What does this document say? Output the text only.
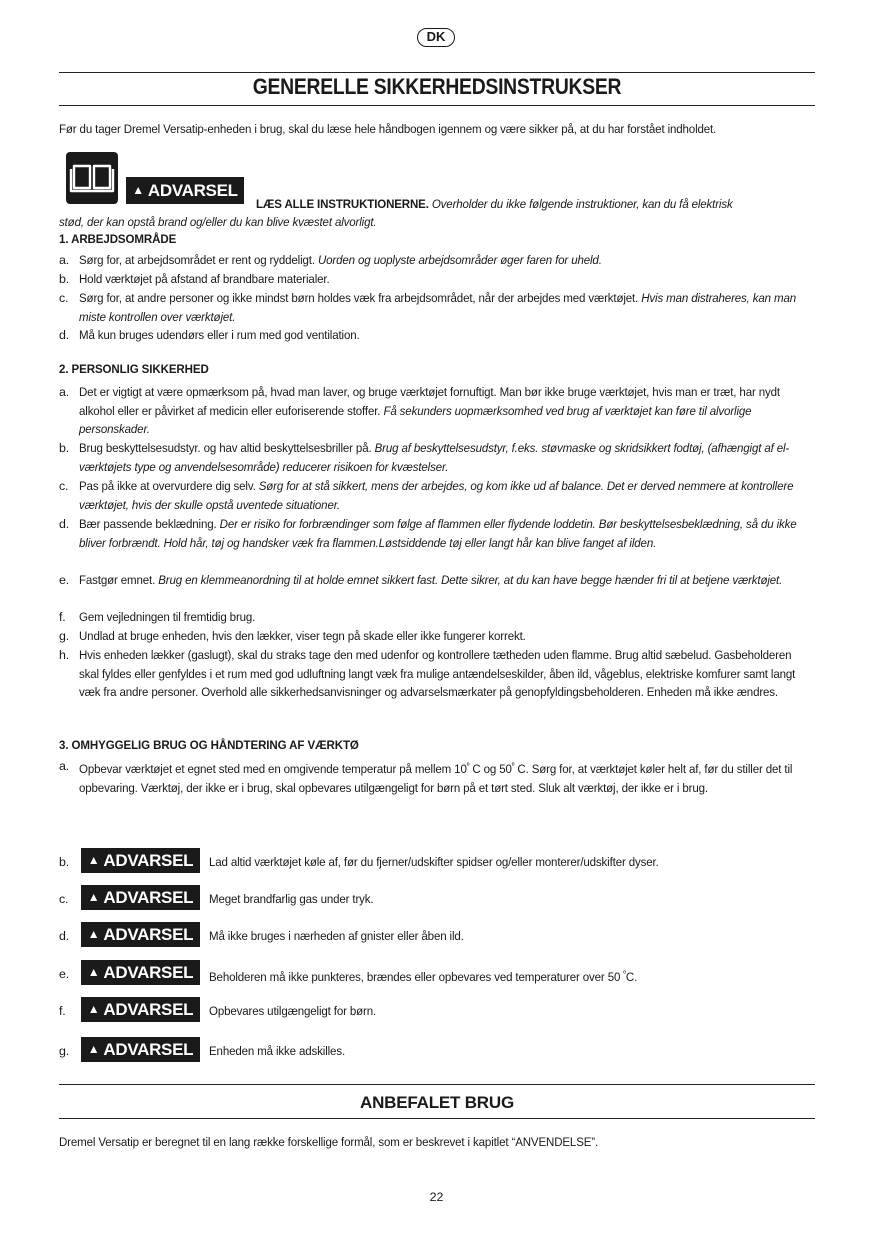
DK
GENERELLE SIKKERHEDSINSTRUKSER
Før du tager Dremel Versatip-enheden i brug, skal du læse hele håndbogen igennem og være sikker på, at du har forstået indholdet.
▲ ADVARSEL
LÆS ALLE INSTRUKTIONERNE. Overholder du ikke følgende instruktioner, kan du få elektrisk
stød, der kan opstå brand og/eller du kan blive kvæstet alvorligt.
1. ARBEJDSOMRÅDE
a. Sørg for, at arbejdsområdet er rent og ryddeligt. Uorden og uoplyste arbejdsområder øger faren for uheld.
b. Hold værktøjet på afstand af brandbare materialer.
c. Sørg for, at andre personer og ikke mindst børn holdes væk fra arbejdsområdet, når der arbejdes med værktøjet. Hvis man distraheres, kan man miste kontrollen over værktøjet.
d. Må kun bruges udendørs eller i rum med god ventilation.
2. PERSONLIG SIKKERHED
a. Det er vigtigt at være opmærksom på, hvad man laver, og bruge værktøjet fornuftigt. Man bør ikke bruge værktøjet, hvis man er træt, har nydt alkohol eller er påvirket af medicin eller euforiserende stoffer. Få sekunders uopmærksomhed ved brug af værktøjet kan føre til alvorlige personskader.
b. Brug beskyttelsesudstyr. og hav altid beskyttelsesbriller på. Brug af beskyttelsesudstyr, f.eks. støvmaske og skridsikkert fodtøj, (afhængigt af el-værktøjets type og anvendelsesområde) reducerer risikoen for kvæstelser.
c. Pas på ikke at overvurdere dig selv. Sørg for at stå sikkert, mens der arbejdes, og kom ikke ud af balance. Det er derved nemmere at kontrollere værktøjet, hvis der skulle opstå uventede situationer.
d. Bær passende beklædning. Der er risiko for forbrændinger som følge af flammen eller flydende loddetin. Bør beskyttelsesbeklædning, så du ikke bliver forbrændt. Hold hår, tøj og handsker væk fra flammen.Løstsiddende tøj eller langt hår kan blive fanget af ilden.
e. Fastgør emnet. Brug en klemmeanordning til at holde emnet sikkert fast. Dette sikrer, at du kan have begge hænder fri til at betjene værktøjet.
f.	Gem vejledningen til fremtidig brug.
g. Undlad at bruge enheden, hvis den lækker, viser tegn på skade eller ikke fungerer korrekt.
h. Hvis enheden lækker (gaslugt), skal du straks tage den med udenfor og kontrollere tætheden uden flamme. Brug altid sæbelud. Gasbeholderen skal fyldes eller genfyldes i et rum med god udluftning langt væk fra mulige antændelseskilder, åben ild, vågeblus, elektriske komfurer samt langt væk fra andre personer. Overhold alle sikkerhedsanvisninger og advarselsmærkater på genopfyldingsbeholderen. Enheden må ikke ændres.
3. OMHYGGELIG BRUG OG HÅNDTERING AF VÆRKTØ
a. Opbevar værktøjet et egnet sted med en omgivende temperatur på mellem $10^º$ C og $50^º$ C. Sørg for, at værktøjet køler helt af, før du stiller det til opbevaring. Værktøj, der ikke er i brug, skal opbevares utilgængeligt for børn på et tørt sted. Sluk alt værktøj, der ikke er i brug.
b.	▲ ADVARSEL	Lad altid værktøjet køle af, før du fjerner/udskifter spidser og/eller monterer/udskifter dyser.
c.	▲ ADVARSEL	Meget brandfarlig gas under tryk.
d.	▲ ADVARSEL	Må ikke bruges i nærheden af gnister eller åben ild.
e.	▲ ADVARSEL	Beholderen må ikke punkteres, brændes eller opbevares ved temperaturer over 50 $^º$C.
f.	▲ ADVARSEL	Opbevares utilgængeligt for børn.
g.	▲ ADVARSEL	Enheden må ikke adskilles.
ANBEFALET BRUG
Dremel Versatip er beregnet til en lang række forskellige formål, som er beskrevet i kapitlet “ANVENDELSE”.
22
